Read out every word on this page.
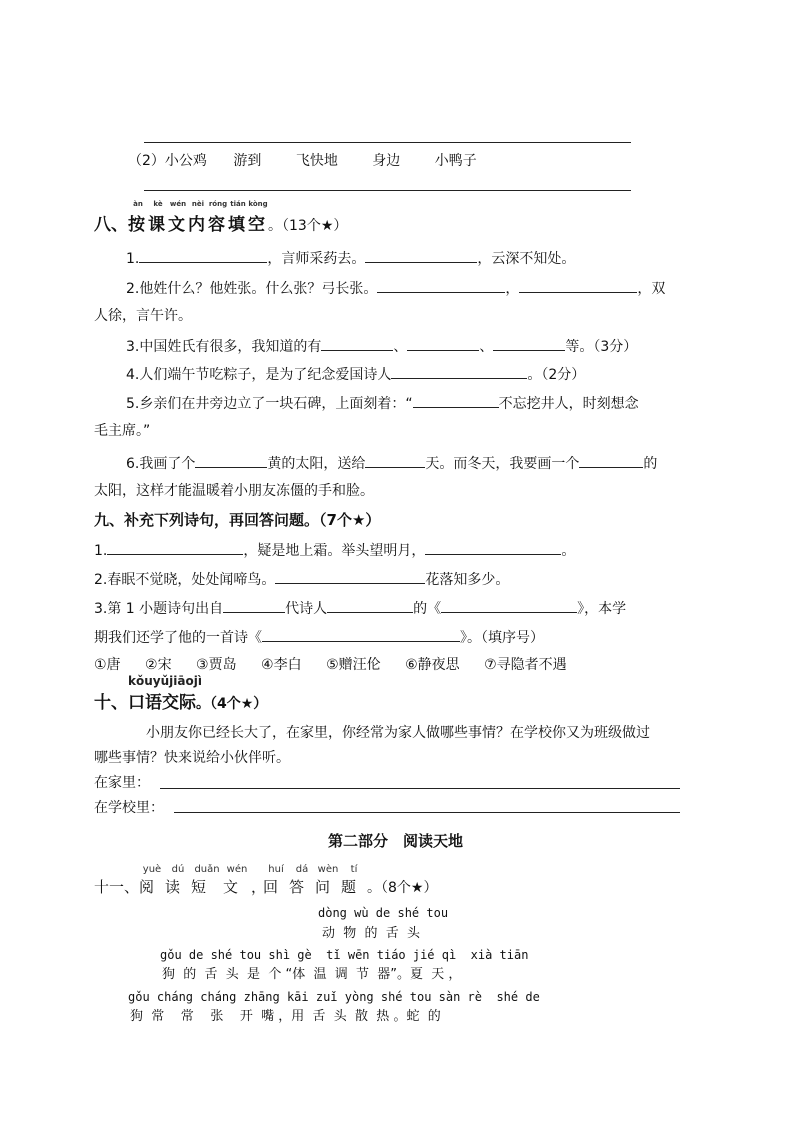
（2）小公鸡 游到 飞快地 身边 小鸭子
八、
àn
按
kè
课
wén
文
nèi
内
róng
容
tián
填
kòng
空 。（13个★）
1.	，言师采药去。	，云深不知处。
2.他姓什么？他姓张。什么张？弓长张。	，	，双
人徐，言午许。
3.中国姓氏有很多，我知道的有	、	、	等。（3分）
4.人们端午节吃粽子，是为了纪念爱国诗人	。（2分）
5.乡亲们在井旁边立了一块石碑，上面刻着：“	不忘挖井人，时刻想念
毛主席。”
6.我画了个	黄的太阳，送给	天。而冬天，我要画一个	的
太阳，这样才能温暖着小朋友冻僵的手和脸。
九、补充下列诗句，再回答问题。（7个★）
1.	，疑是地上霜。举头望明月，	。
2.春眠不觉晓，处处闻啼鸟。	花落知多少。
3.第 1 小题诗句出自	代诗人	的《	》，本学
期我们还学了他的一首诗《	》。（填序号）
①唐 ②宋 ③贾岛 ④李白 ⑤赠汪伦 ⑥静夜思 ⑦寻隐者不遇
kǒuyǔjiāojì
十、口语交际。（4个★）
小朋友你已经长大了，在家里，你经常为家人做哪些事情？在学校你又为班级做过
哪些事情？快来说给小伙伴听。
在家里：
在学校里：
第二部分　阅读天地
十一、
yuè
阅
dú
读
duǎn
短
wén
文 ，
huí
回
dá
答
wèn
问
tí
题 。（8个★）
dòng wù de shé tou
动  物  的  舌  头
gǒu de shé tou shì gè  tǐ wēn tiáo jié qì  xià tiān
狗  的  舌  头  是  个 “体  温  调  节  器”。夏  天 ，
gǒu cháng cháng zhāng kāi zuǐ yòng shé tou sàn rè  shé de
狗  常    常    张    开  嘴 ，用  舌  头  散  热 。蛇  的
